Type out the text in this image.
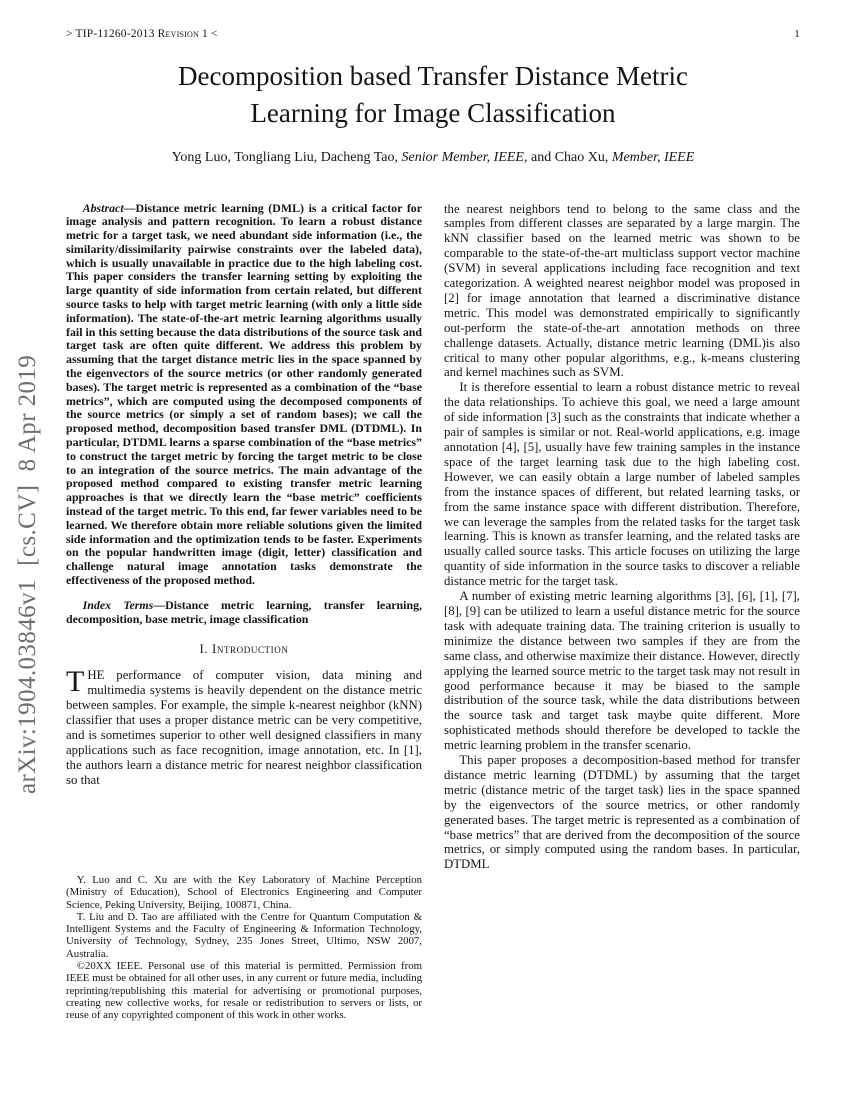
> TIP-11260-2013 Revision 1 <	1
arXiv:1904.03846v1  [cs.CV]  8 Apr 2019
Decomposition based Transfer Distance Metric
Learning for Image Classification
Yong Luo, Tongliang Liu, Dacheng Tao, Senior Member, IEEE, and Chao Xu, Member, IEEE

Abstract—Distance metric learning (DML) is a critical factor for image analysis and pattern recognition. To learn a robust distance metric for a target task, we need abundant side information (i.e., the similarity/dissimilarity pairwise constraints over the labeled data), which is usually unavailable in practice due to the high labeling cost. This paper considers the transfer learning setting by exploiting the large quantity of side information from certain related, but different source tasks to help with target metric learning (with only a little side information). The state-of-the-art metric learning algorithms usually fail in this setting because the data distributions of the source task and target task are often quite different. We address this problem by assuming that the target distance metric lies in the space spanned by the eigenvectors of the source metrics (or other randomly generated bases). The target metric is represented as a combination of the “base metrics”, which are computed using the decomposed components of the source metrics (or simply a set of random bases); we call the proposed method, decomposition based transfer DML (DTDML). In particular, DTDML learns a sparse combination of the “base metrics” to construct the target metric by forcing the target metric to be close to an integration of the source metrics. The main advantage of the proposed method compared to existing transfer metric learning approaches is that we directly learn the “base metric” coefficients instead of the target metric. To this end, far fewer variables need to be learned. We therefore obtain more reliable solutions given the limited side information and the optimization tends to be faster. Experiments on the popular handwritten image (digit, letter) classification and challenge natural image annotation tasks demonstrate the effectiveness of the proposed method.

Index Terms—Distance metric learning, transfer learning, decomposition, base metric, image classification

I. Introduction

THE performance of computer vision, data mining and multimedia systems is heavily dependent on the distance metric between samples. For example, the simple k-nearest neighbor (kNN) classifier that uses a proper distance metric can be very competitive, and is sometimes superior to other well designed classifiers in many applications such as face recognition, image annotation, etc. In [1], the authors learn a distance metric for nearest neighbor classification so that

Y. Luo and C. Xu are with the Key Laboratory of Machine Perception (Ministry of Education), School of Electronics Engineering and Computer Science, Peking University, Beijing, 100871, China.

T. Liu and D. Tao are affiliated with the Centre for Quantum Computation & Intelligent Systems and the Faculty of Engineering & Information Technology, University of Technology, Sydney, 235 Jones Street, Ultimo, NSW 2007, Australia.

©20XX IEEE. Personal use of this material is permitted. Permission from IEEE must be obtained for all other uses, in any current or future media, including reprinting/republishing this material for advertising or promotional purposes, creating new collective works, for resale or redistribution to servers or lists, or reuse of any copyrighted component of this work in other works.

the nearest neighbors tend to belong to the same class and the samples from different classes are separated by a large margin. The kNN classifier based on the learned metric was shown to be comparable to the state-of-the-art multiclass support vector machine (SVM) in several applications including face recognition and text categorization. A weighted nearest neighbor model was proposed in [2] for image annotation that learned a discriminative distance metric. This model was demonstrated empirically to significantly out-perform the state-of-the-art annotation methods on three challenge datasets. Actually, distance metric learning (DML)is also critical to many other popular algorithms, e.g., k-means clustering and kernel machines such as SVM.

It is therefore essential to learn a robust distance metric to reveal the data relationships. To achieve this goal, we need a large amount of side information [3] such as the constraints that indicate whether a pair of samples is similar or not. Real-world applications, e.g. image annotation [4], [5], usually have few training samples in the instance space of the target learning task due to the high labeling cost. However, we can easily obtain a large number of labeled samples from the instance spaces of different, but related learning tasks, or from the same instance space with different distribution. Therefore, we can leverage the samples from the related tasks for the target task learning. This is known as transfer learning, and the related tasks are usually called source tasks. This article focuses on utilizing the large quantity of side information in the source tasks to discover a reliable distance metric for the target task.

A number of existing metric learning algorithms [3], [6], [1], [7], [8], [9] can be utilized to learn a useful distance metric for the source task with adequate training data. The training criterion is usually to minimize the distance between two samples if they are from the same class, and otherwise maximize their distance. However, directly applying the learned source metric to the target task may not result in good performance because it may be biased to the sample distribution of the source task, while the data distributions between the source task and target task maybe quite different. More sophisticated methods should therefore be developed to tackle the metric learning problem in the transfer scenario.

This paper proposes a decomposition-based method for transfer distance metric learning (DTDML) by assuming that the target metric (distance metric of the target task) lies in the space spanned by the eigenvectors of the source metrics, or other randomly generated bases. The target metric is represented as a combination of “base metrics” that are derived from the decomposition of the source metrics, or simply computed using the random bases. In particular, DTDML
